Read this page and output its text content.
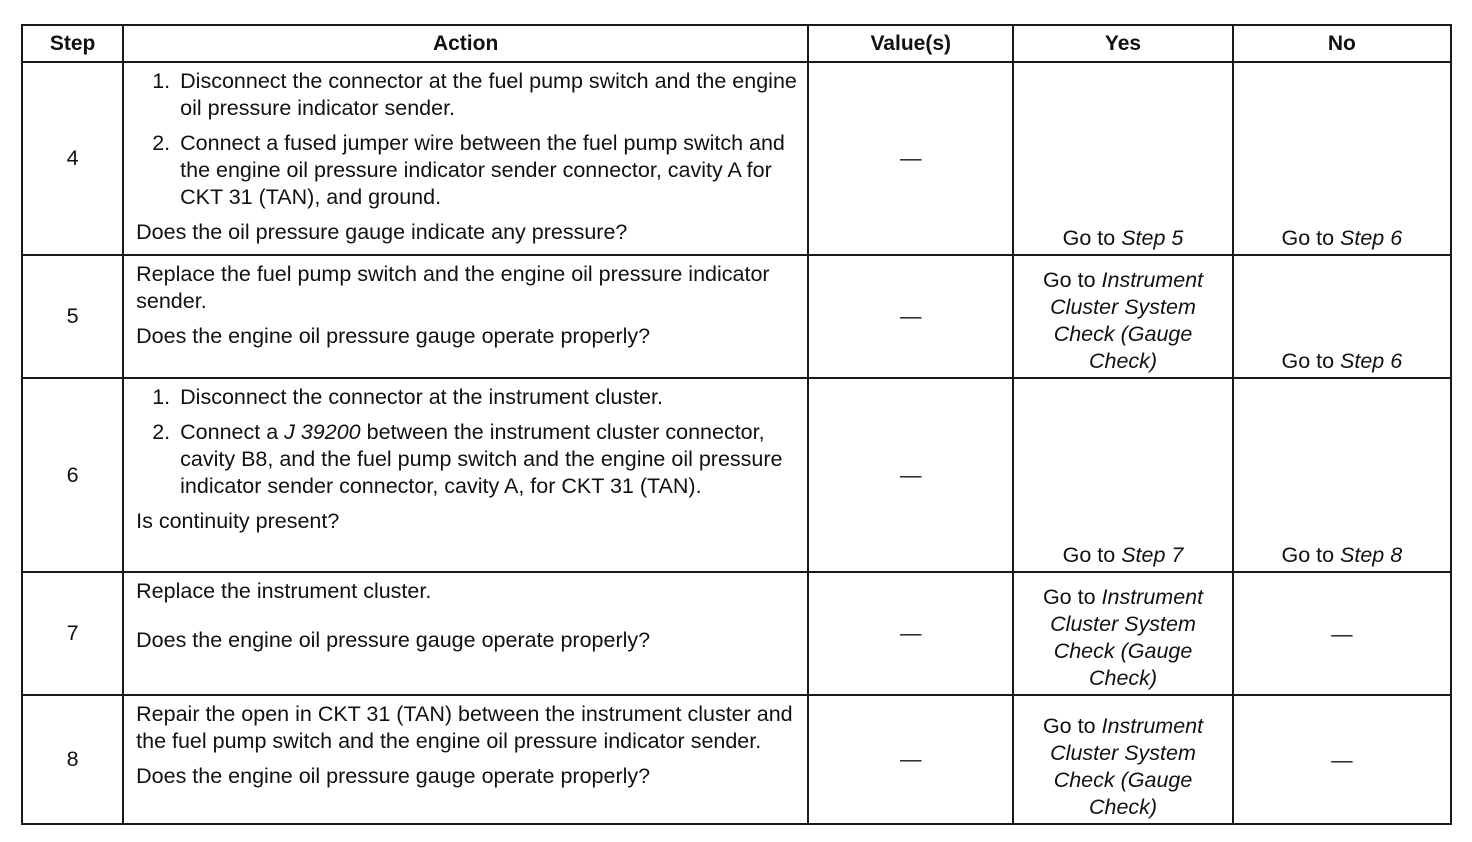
Step	Action	Value(s)	Yes	No
4	1. Disconnect the connector at the fuel pump switch and the engine oil pressure indicator sender.
2. Connect a fused jumper wire between the fuel pump switch and the engine oil pressure indicator sender connector, cavity A for CKT 31 (TAN), and ground.
Does the oil pressure gauge indicate any pressure?	—	Go to Step 5	Go to Step 6
5	Replace the fuel pump switch and the engine oil pressure indicator sender.
Does the engine oil pressure gauge operate properly?	—	Go to Instrument Cluster System Check (Gauge Check)	Go to Step 6
6	1. Disconnect the connector at the instrument cluster.
2. Connect a J 39200 between the instrument cluster connector, cavity B8, and the fuel pump switch and the engine oil pressure indicator sender connector, cavity A, for CKT 31 (TAN).
Is continuity present?	—	Go to Step 7	Go to Step 8
7	Replace the instrument cluster.
Does the engine oil pressure gauge operate properly?	—	Go to Instrument Cluster System Check (Gauge Check)	—
8	Repair the open in CKT 31 (TAN) between the instrument cluster and the fuel pump switch and the engine oil pressure indicator sender.
Does the engine oil pressure gauge operate properly?	—	Go to Instrument Cluster System Check (Gauge Check)	—
